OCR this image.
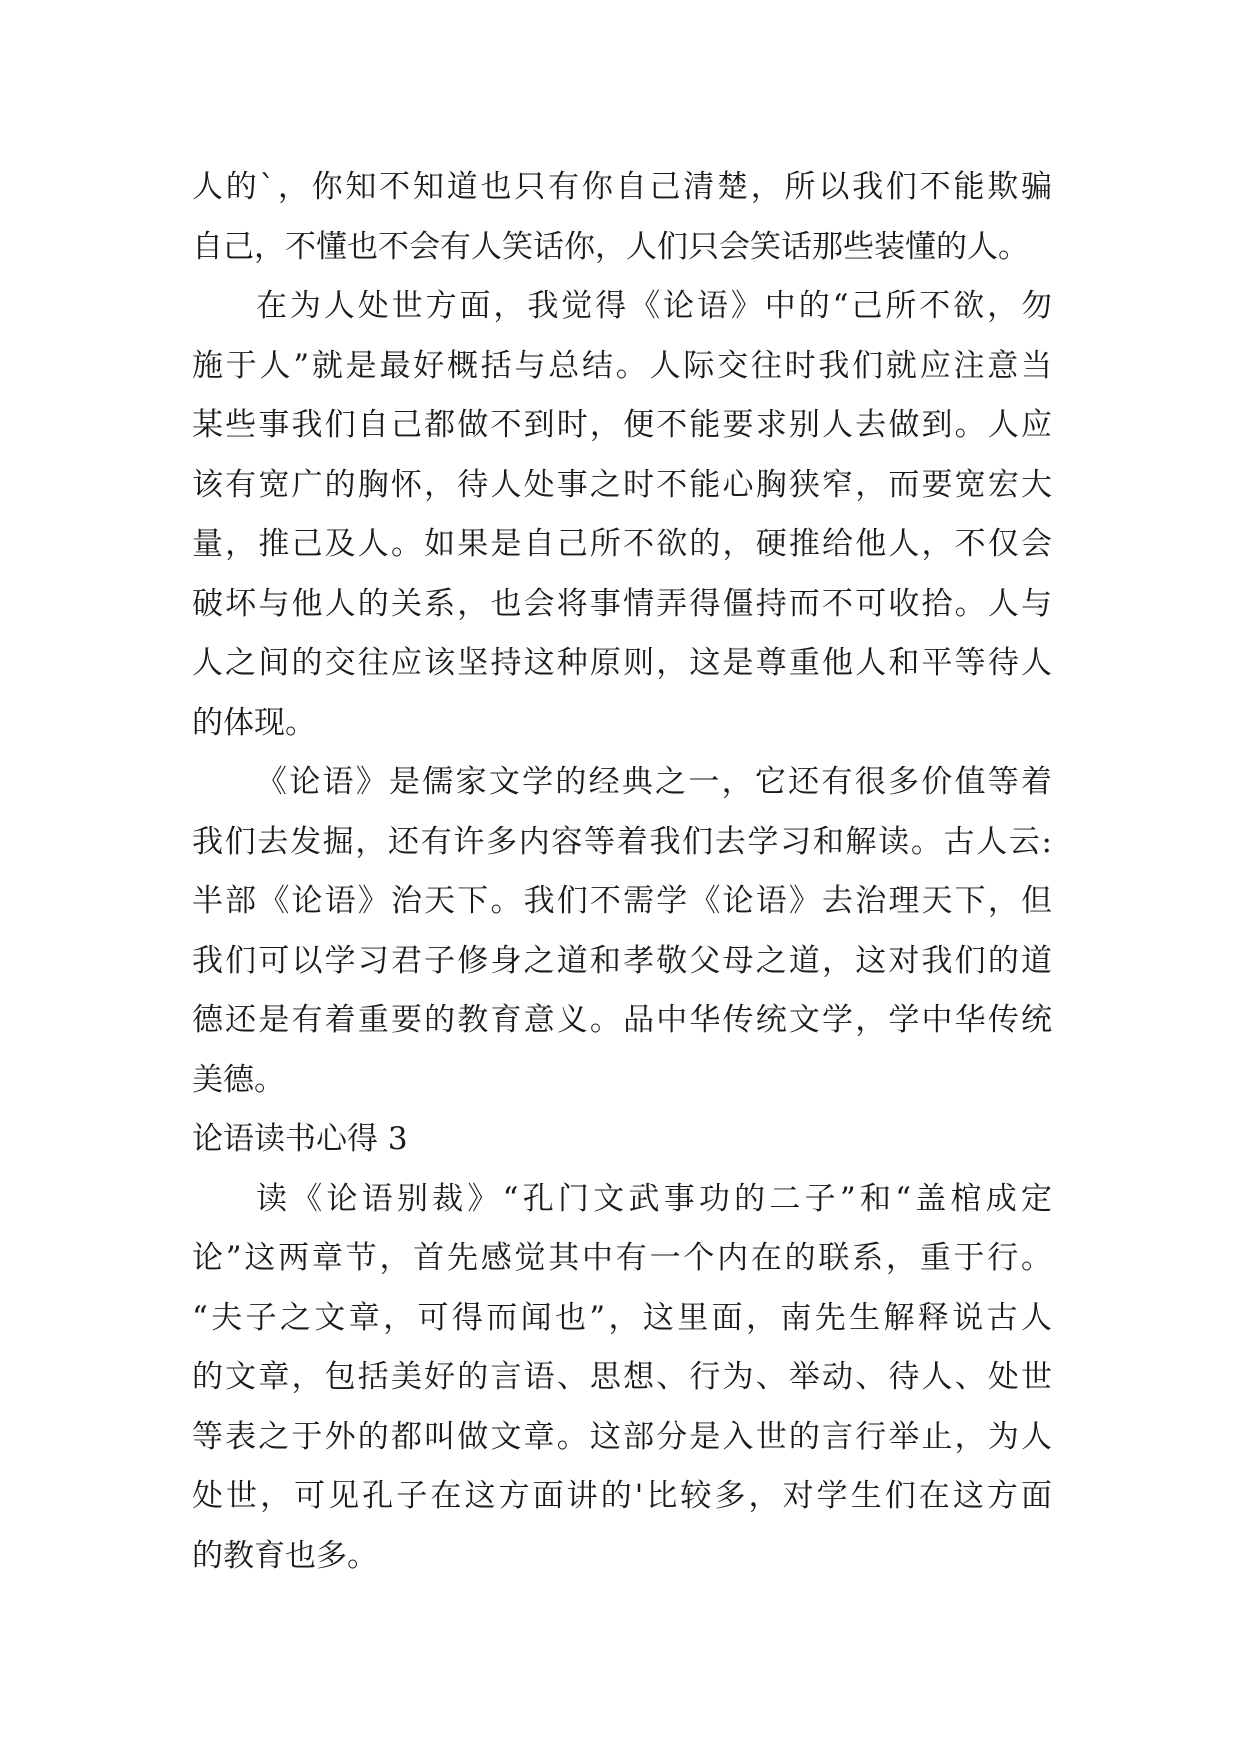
人的`，你知不知道也只有你自己清楚，所以我们不能欺骗
自己，不懂也不会有人笑话你，人们只会笑话那些装懂的人。
在为人处世方面，我觉得《论语》中的“己所不欲，勿
施于人”就是最好概括与总结。人际交往时我们就应注意当
某些事我们自己都做不到时，便不能要求别人去做到。人应
该有宽广的胸怀，待人处事之时不能心胸狭窄，而要宽宏大
量，推己及人。如果是自己所不欲的，硬推给他人，不仅会
破坏与他人的关系，也会将事情弄得僵持而不可收拾。人与
人之间的交往应该坚持这种原则，这是尊重他人和平等待人
的体现。
《论语》是儒家文学的经典之一，它还有很多价值等着
我们去发掘，还有许多内容等着我们去学习和解读。古人云:
半部《论语》治天下。我们不需学《论语》去治理天下，但
我们可以学习君子修身之道和孝敬父母之道，这对我们的道
德还是有着重要的教育意义。品中华传统文学，学中华传统
美德。
论语读书心得 3
读《论语别裁》“孔门文武事功的二子”和“盖棺成定
论”这两章节，首先感觉其中有一个内在的联系，重于行。
“夫子之文章，可得而闻也”，这里面，南先生解释说古人
的文章，包括美好的言语、思想、行为、举动、待人、处世
等表之于外的都叫做文章。这部分是入世的言行举止，为人
处世，可见孔子在这方面讲的'比较多，对学生们在这方面
的教育也多。
